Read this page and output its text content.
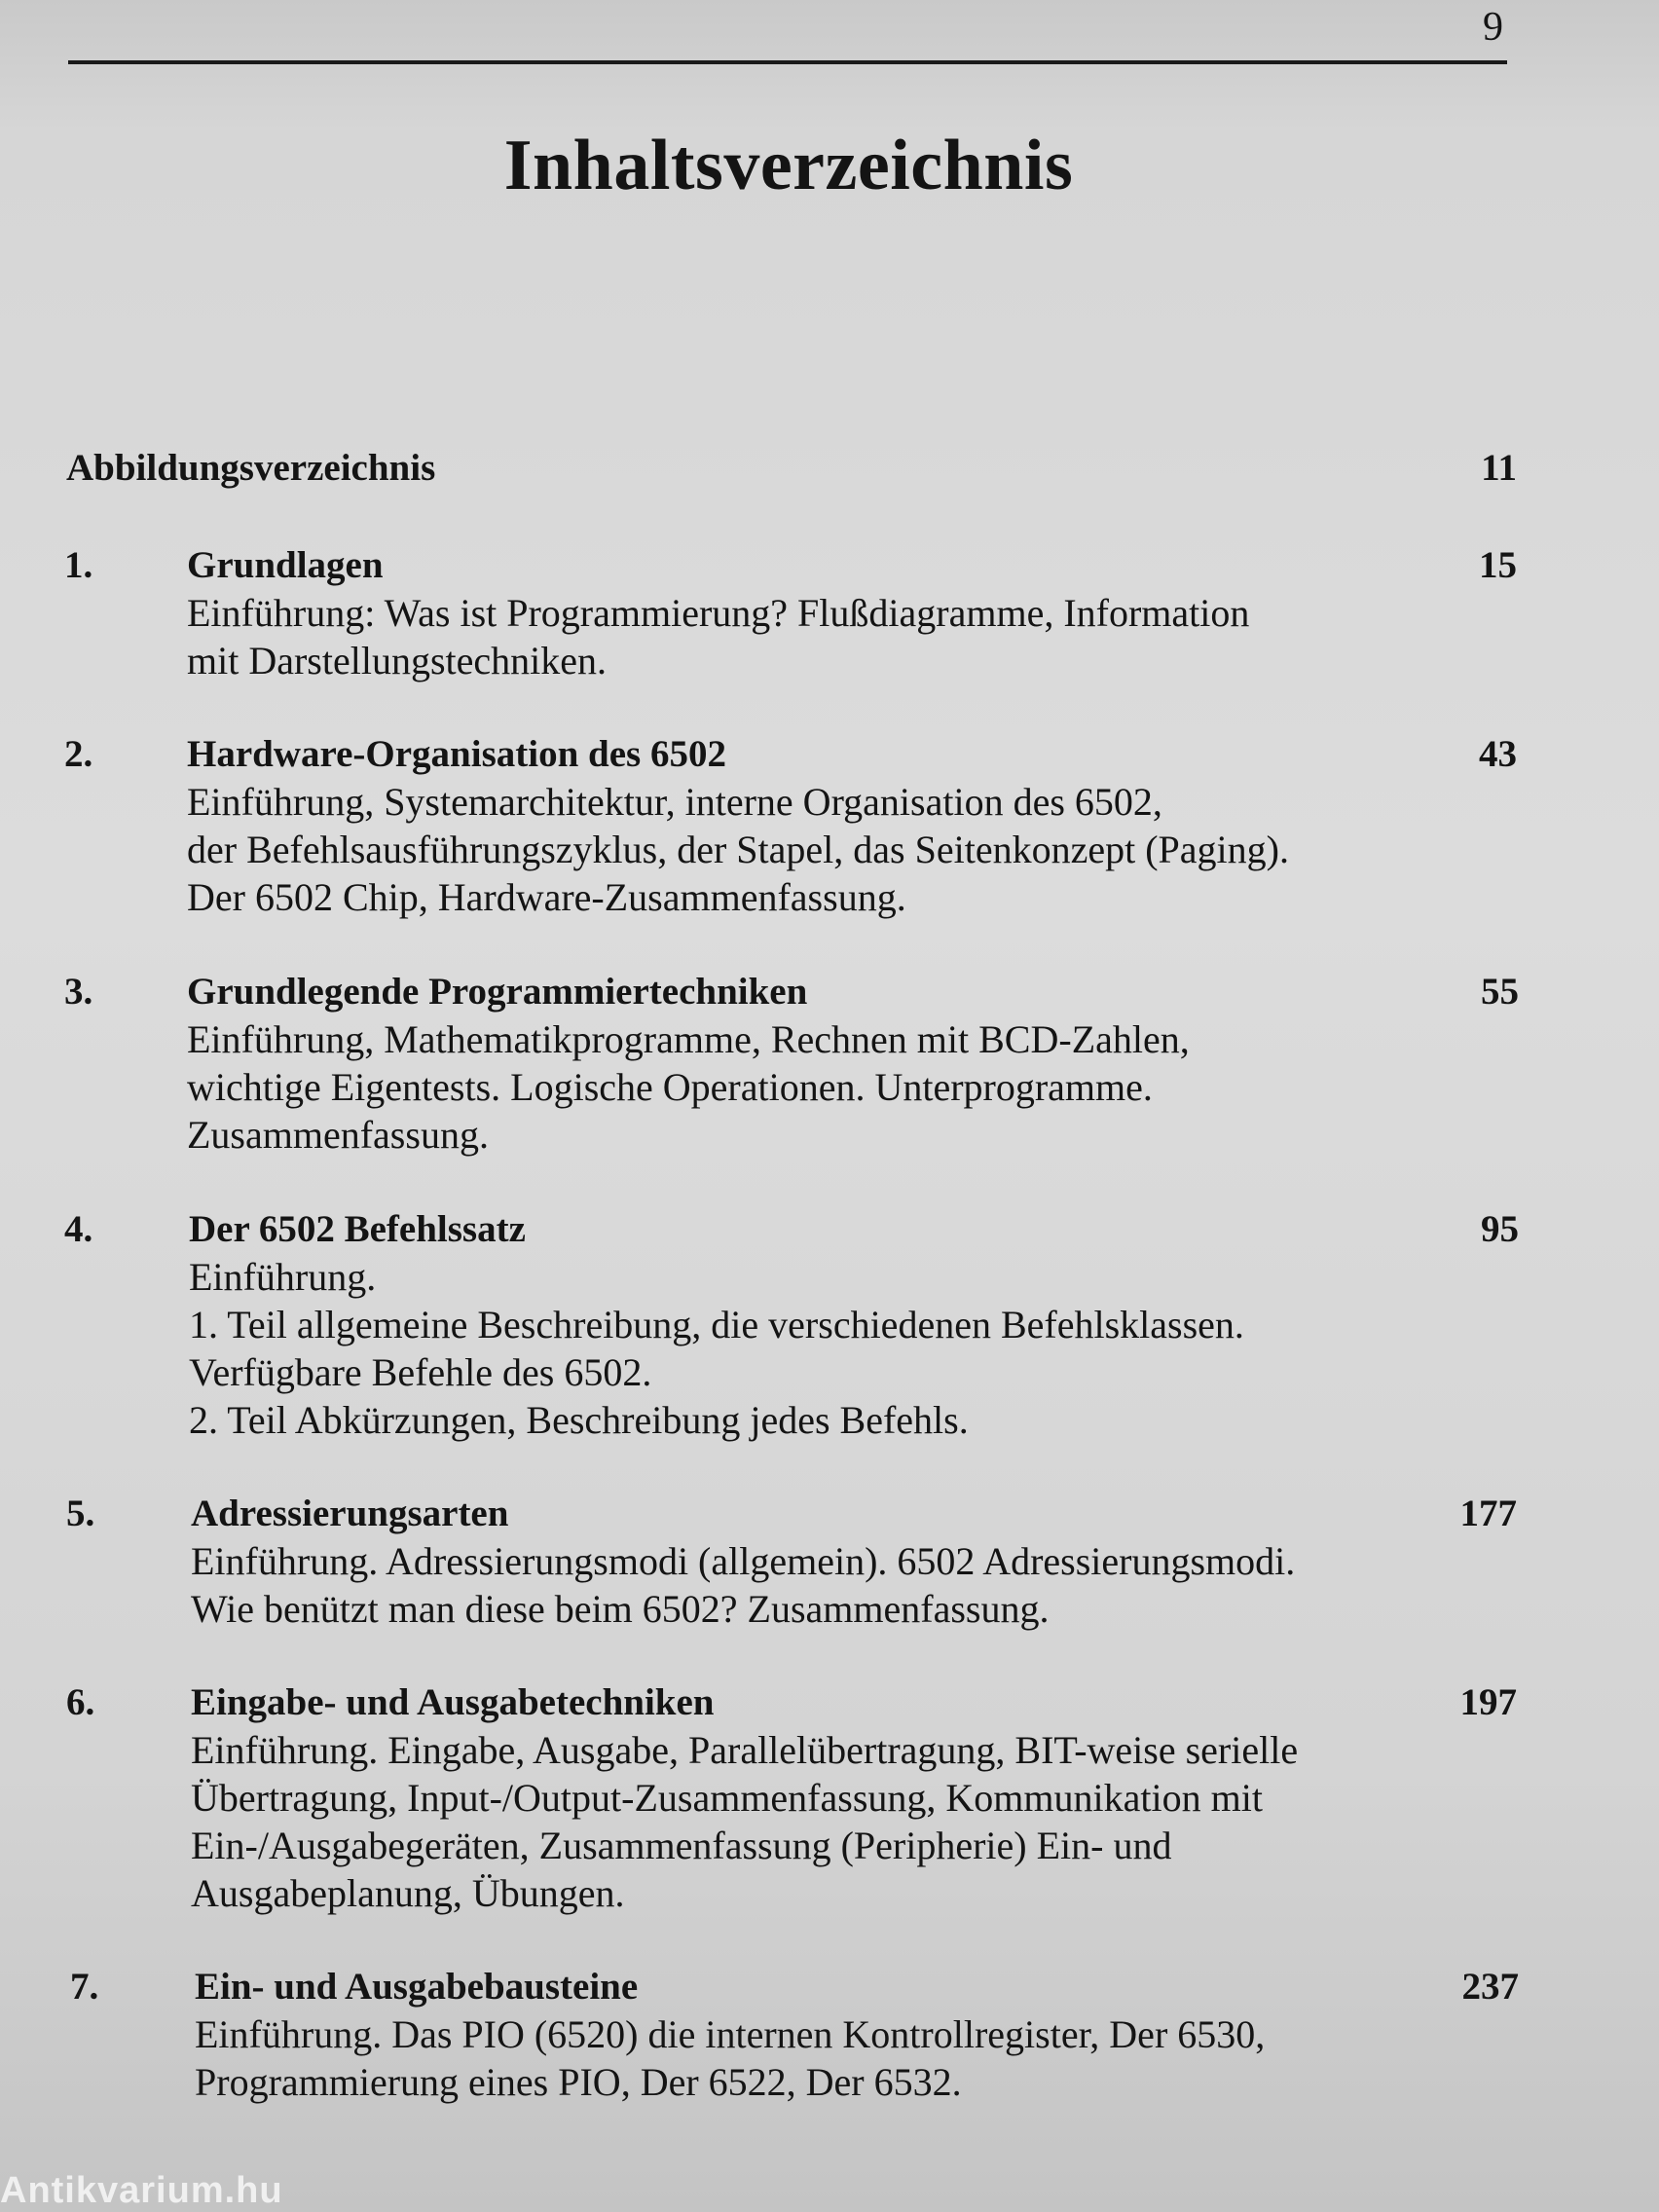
9
Inhaltsverzeichnis
Abbildungsverzeichnis	11
1. Grundlagen	15
Einführung: Was ist Programmierung? Flußdiagramme, Information
mit Darstellungstechniken.
2. Hardware-Organisation des 6502	43
Einführung, Systemarchitektur, interne Organisation des 6502,
der Befehlsausführungszyklus, der Stapel, das Seitenkonzept (Paging).
Der 6502 Chip, Hardware-Zusammenfassung.
3. Grundlegende Programmiertechniken	55
Einführung, Mathematikprogramme, Rechnen mit BCD-Zahlen,
wichtige Eigentests. Logische Operationen. Unterprogramme.
Zusammenfassung.
4.	Der 6502 Befehlssatz	95
Einführung.
1. Teil allgemeine Beschreibung, die verschiedenen Befehlsklassen.
Verfügbare Befehle des 6502.
2. Teil Abkürzungen, Beschreibung jedes Befehls.
5.	Adressierungsarten	177
Einführung. Adressierungsmodi (allgemein). 6502 Adressierungsmodi.
Wie benützt man diese beim 6502? Zusammenfassung.
6.	Eingabe- und Ausgabetechniken	197
Einführung. Eingabe, Ausgabe, Parallelübertragung, BIT-weise serielle
Übertragung, Input-/Output-Zusammenfassung, Kommunikation mit
Ein-/Ausgabegeräten, Zusammenfassung (Peripherie) Ein- und
Ausgabeplanung, Übungen.
7.	Ein- und Ausgabebausteine	237
Einführung. Das PIO (6520) die internen Kontrollregister, Der 6530,
Programmierung eines PIO, Der 6522, Der 6532.
Antikvarium.hu
